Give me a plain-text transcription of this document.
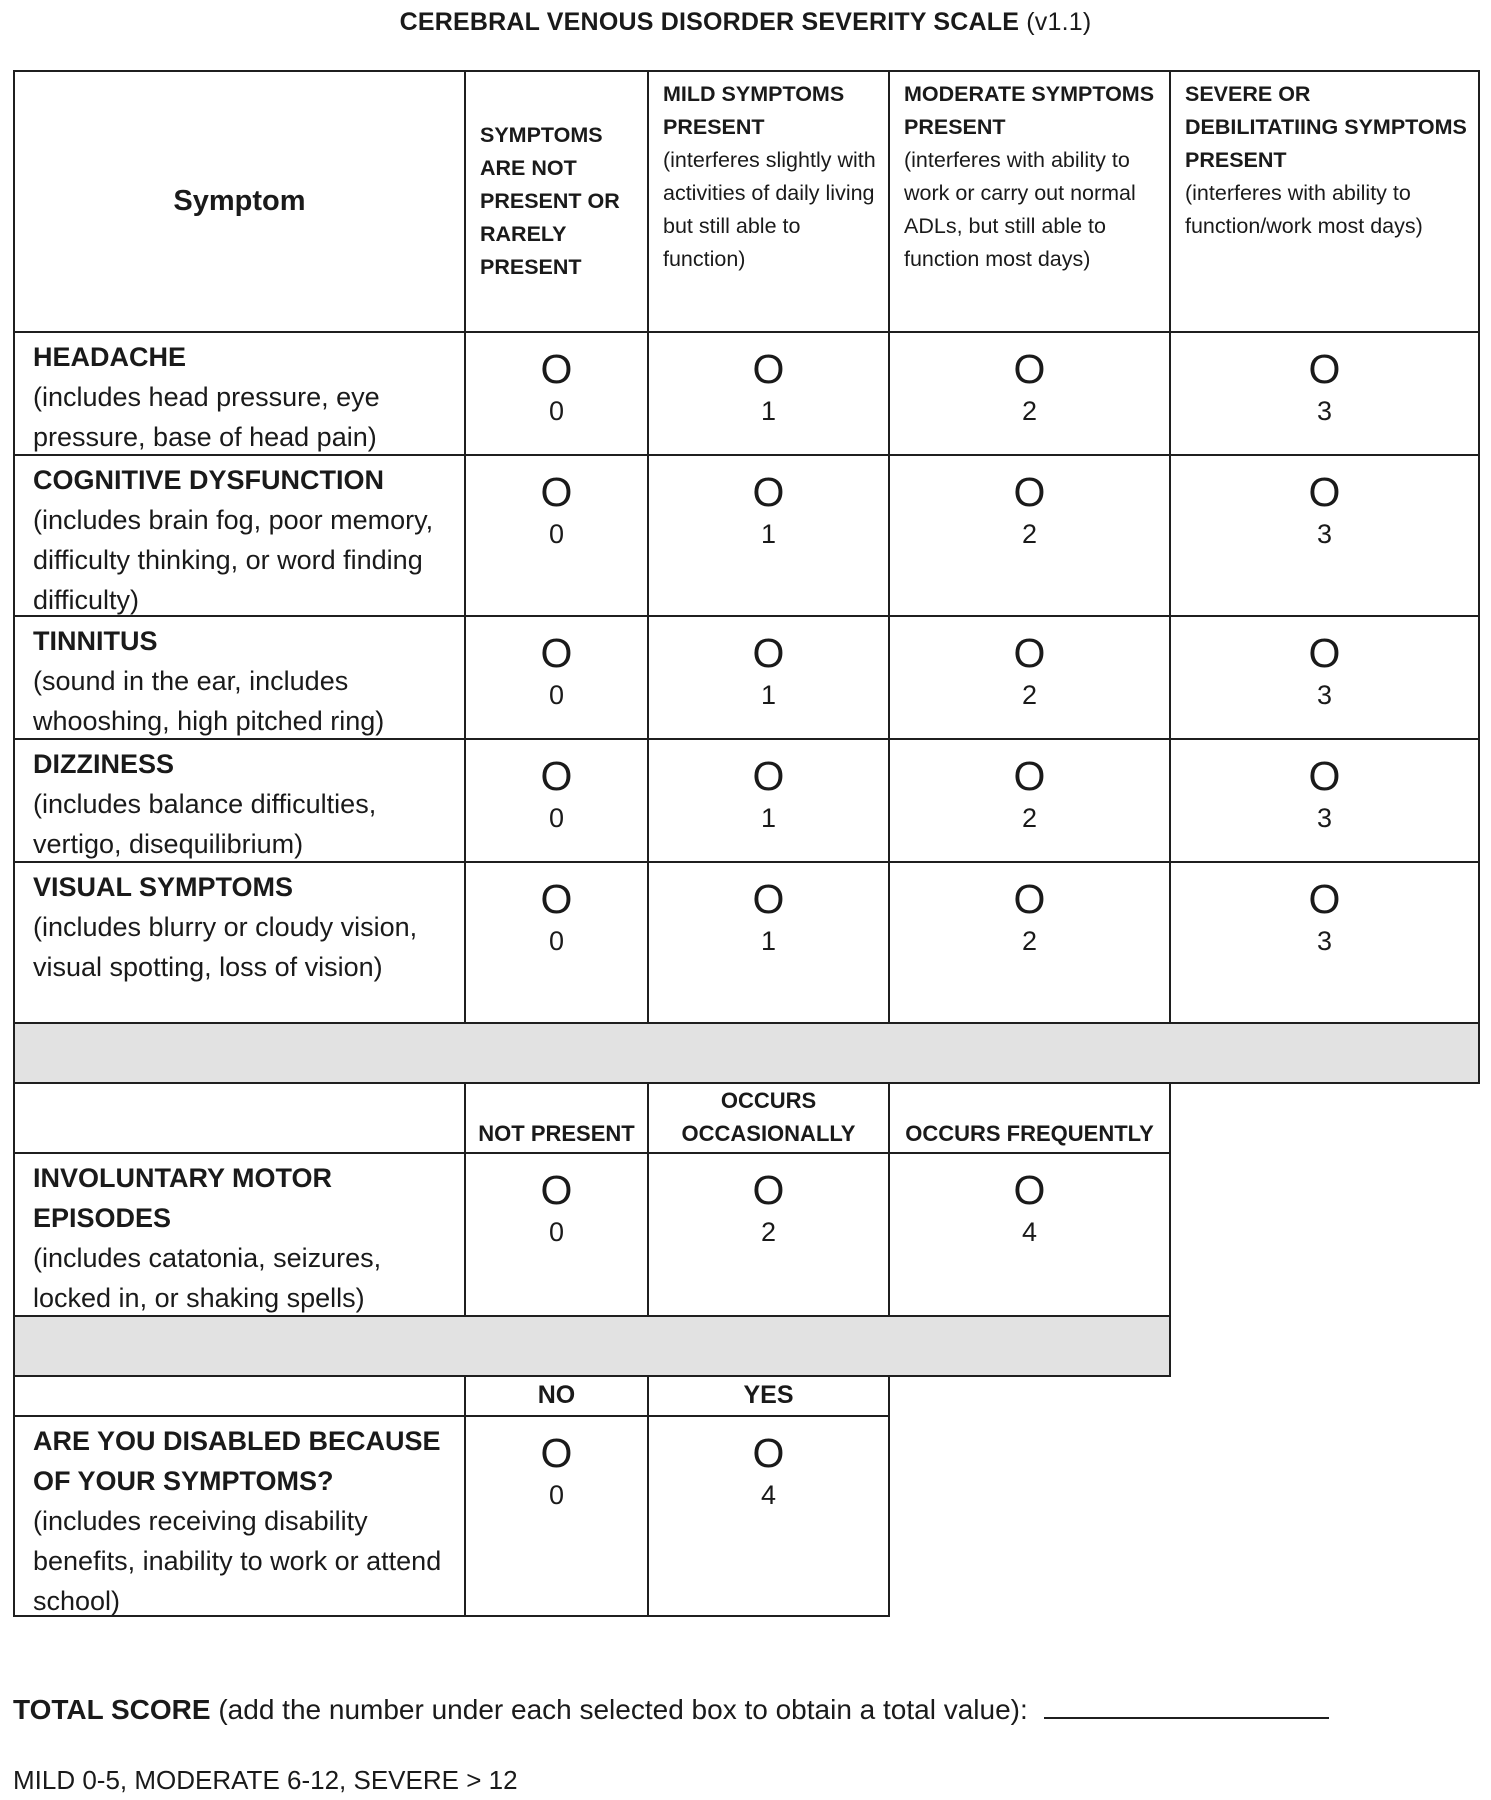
CEREBRAL VENOUS DISORDER SEVERITY SCALE (v1.1)
Symptom
SYMPTOMS ARE NOT PRESENT OR RARELY PRESENT
MILD SYMPTOMS PRESENT
(interferes slightly with activities of daily living but still able to function)
MODERATE SYMPTOMS PRESENT
(interferes with ability to work or carry out normal ADLs, but still able to function most days)
SEVERE OR DEBILITATIING SYMPTOMS PRESENT
(interferes with ability to function/work most days)
HEADACHE
(includes head pressure, eye pressure, base of head pain)
O
0
O
1
O
2
O
3
COGNITIVE DYSFUNCTION
(includes brain fog, poor memory, difficulty thinking, or word finding difficulty)
O
0
O
1
O
2
O
3
TINNITUS
(sound in the ear, includes whooshing, high pitched ring)
O
0
O
1
O
2
O
3
DIZZINESS
(includes balance difficulties, vertigo, disequilibrium)
O
0
O
1
O
2
O
3
VISUAL SYMPTOMS
(includes blurry or cloudy vision, visual spotting, loss of vision)
O
0
O
1
O
2
O
3
NOT PRESENT
OCCURS OCCASIONALLY	OCCURS FREQUENTLY
INVOLUNTARY MOTOR EPISODES
(includes catatonia, seizures, locked in, or shaking spells)
O
0
O
2
O
4
NO	YES
ARE YOU DISABLED BECAUSE OF YOUR SYMPTOMS?
(includes receiving disability benefits, inability to work or attend school)
O
0
O
4
TOTAL SCORE (add the number under each selected box to obtain a total value):
MILD 0-5, MODERATE 6-12, SEVERE > 12
